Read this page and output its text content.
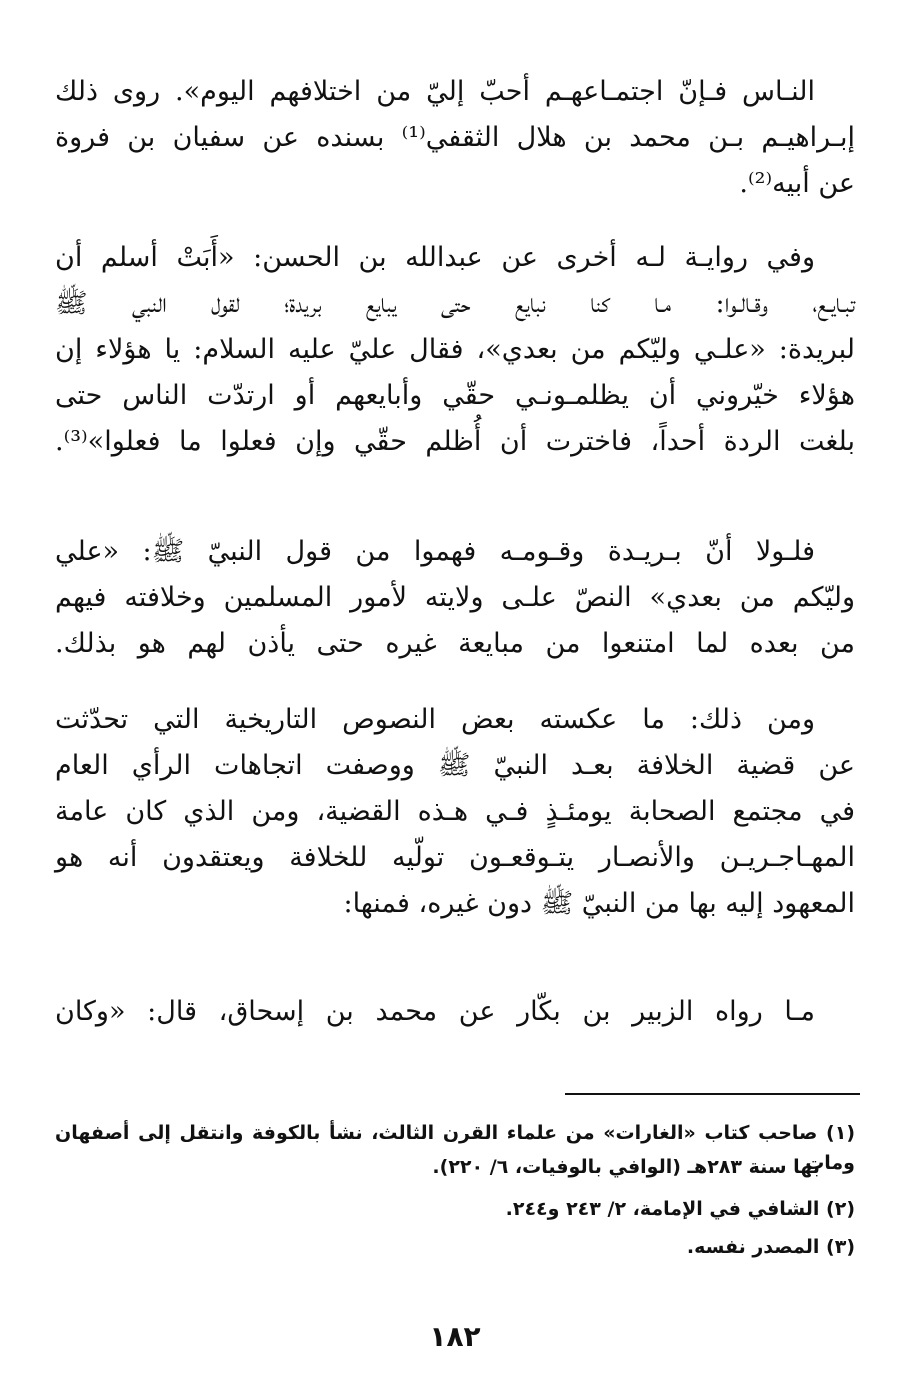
النـاس فـإنّ اجتمـاعهـم أحبّ إليّ من اختلافهم اليوم». روى ذلك
إبـراهيـم بـن محمد بن هلال الثقفي⁽¹⁾ بسنده عن سفيان بن فروة
عن أبيه⁽²⁾.
وفي روايـة لـه أخرى عن عبدالله بن الحسن: «أَبَتْ أسلم أن
تبـايـع، وقـالـوا: مـا كنا نبايع حتى يبايع بريدة؛ لقول النبي ﷺ
لبريدة: «علـي وليّكم من بعدي»، فقال عليّ عليه السلام: يا هؤلاء إن
هؤلاء خيّروني أن يظلمـونـي حقّي وأبايعهم أو ارتدّت الناس حتى
بلغت الردة أحداً، فاخترت أن أُظلم حقّي وإن فعلوا ما فعلوا»⁽³⁾.
فلـولا أنّ بـريـدة وقـومـه فهموا من قول النبيّ ﷺ: «علي
وليّكم من بعدي» النصّ علـى ولايته لأمور المسلمين وخلافته فيهم
من بعده لما امتنعوا من مبايعة غيره حتى يأذن لهم هو بذلك.
ومن ذلك: ما عكسته بعض النصوص التاريخية التي تحدّثت
عن قضية الخلافة بعـد النبيّ ﷺ ووصفت اتجاهات الرأي العام
في مجتمع الصحابة يومئـذٍ فـي هـذه القضية، ومن الذي كان عامة
المهـاجـريـن والأنصـار يتـوقعـون تولّيه للخلافة ويعتقدون أنه هو
المعهود إليه بها من النبيّ ﷺ دون غيره، فمنها:
مـا رواه الزبير بن بكّار عن محمد بن إسحاق، قال: «وكان
(١) صاحب كتاب «الغارات» من علماء القرن الثالث، نشأ بالكوفة وانتقل إلى أصفهان ومات
بها سنة ٢٨٣هـ (الوافي بالوفيات، ٦/ ٢٢٠).
(٢) الشافي في الإمامة، ٢/ ٢٤٣ و٢٤٤.
(٣) المصدر نفسه.
١٨٢
